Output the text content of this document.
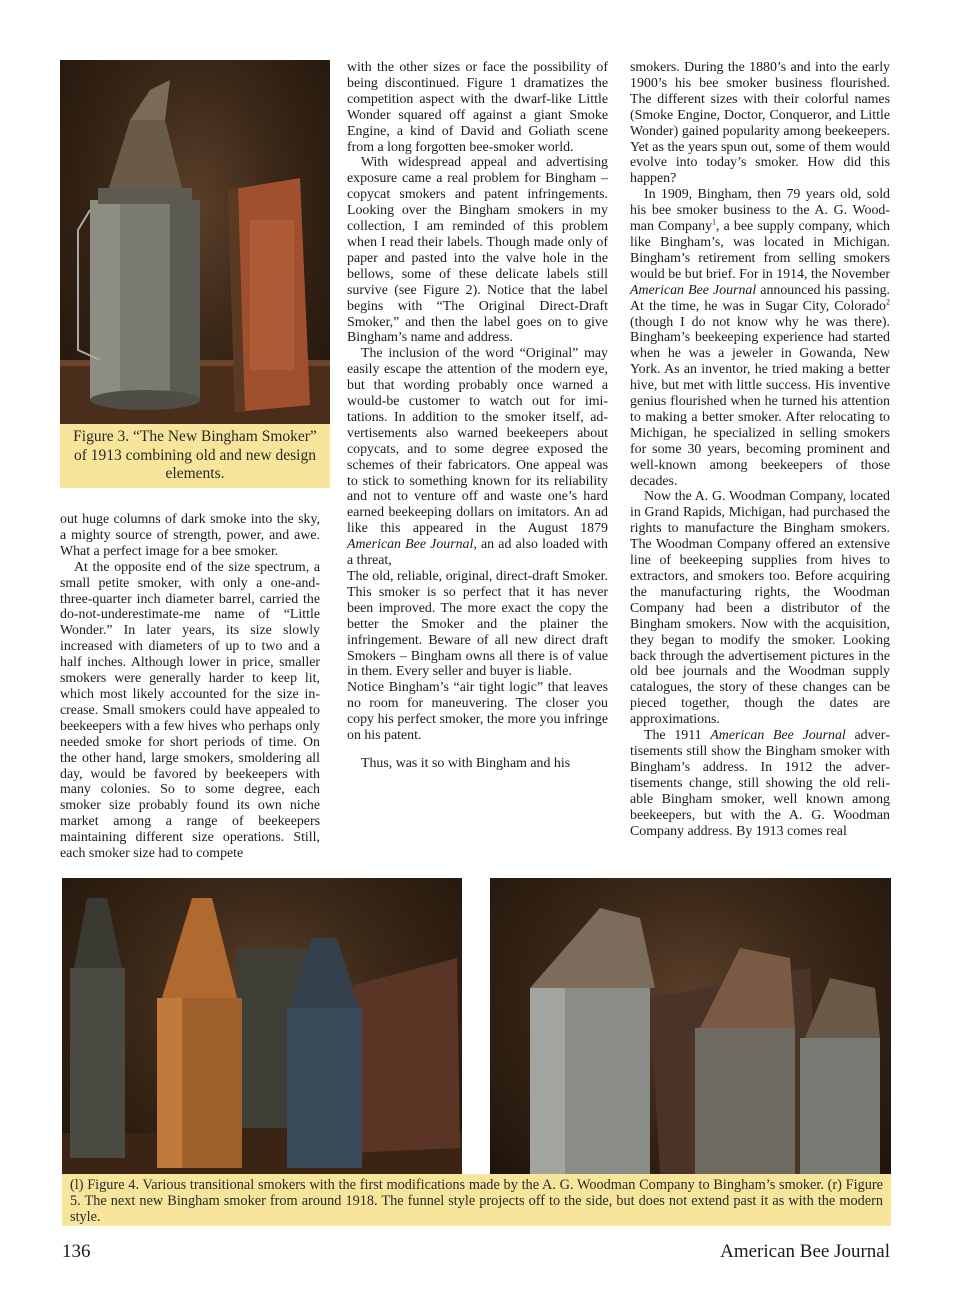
Figure 3. “The New Bingham Smoker” of 1913 combining old and new design elements.

out huge columns of dark smoke into the sky, a mighty source of strength, power, and awe. What a perfect image for a bee smoker.

At the opposite end of the size spectrum, a small petite smoker, with only a one-and-three-quarter inch diameter barrel, carried the do-not-underestimate-me name of “Little Wonder.” In later years, its size slowly increased with diameters of up to two and a half inches. Although lower in price, smaller smokers were generally harder to keep lit, which most likely accounted for the size increase. Small smokers could have appealed to beekeepers with a few hives who perhaps only needed smoke for short periods of time. On the other hand, large smokers, smoldering all day, would be favored by beekeepers with many colonies. So to some degree, each smoker size probably found its own niche market among a range of beekeepers maintaining different size operations. Still, each smoker size had to compete

with the other sizes or face the possibility of being discontinued. Figure 1 dramatizes the competition aspect with the dwarf-like Little Wonder squared off against a giant Smoke Engine, a kind of David and Goliath scene from a long forgotten bee-smoker world.

With widespread appeal and advertising exposure came a real problem for Bingham – copycat smokers and patent infringements. Looking over the Bingham smokers in my collection, I am reminded of this problem when I read their labels. Though made only of paper and pasted into the valve hole in the bellows, some of these delicate labels still survive (see Figure 2). Notice that the label begins with “The Original Direct-Draft Smoker,” and then the label goes on to give Bingham’s name and address.

The inclusion of the word “Original” may easily escape the attention of the modern eye, but that wording probably once warned a would-be customer to watch out for imitations. In addition to the smoker itself, advertisements also warned beekeepers about copycats, and to some degree exposed the schemes of their fabricators. One appeal was to stick to something known for its reliability and not to venture off and waste one’s hard earned beekeeping dollars on imitators. An ad like this appeared in the August 1879 American Bee Journal, an ad also loaded with a threat,

The old, reliable, original, direct-draft Smoker. This smoker is so perfect that it has never been improved. The more exact the copy the better the Smoker and the plainer the infringement. Beware of all new direct draft Smokers – Bingham owns all there is of value in them. Every seller and buyer is liable.

Notice Bingham’s “air tight logic” that leaves no room for maneuvering. The closer you copy his perfect smoker, the more you infringe on his patent.

Thus, was it so with Bingham and his

smokers. During the 1880’s and into the early 1900’s his bee smoker business flourished. The different sizes with their colorful names (Smoke Engine, Doctor, Conqueror, and Little Wonder) gained popularity among beekeepers. Yet as the years spun out, some of them would evolve into today’s smoker. How did this happen?

In 1909, Bingham, then 79 years old, sold his bee smoker business to the A. G. Woodman Company$^1$, a bee supply company, which like Bingham’s, was located in Michigan. Bingham’s retirement from selling smokers would be but brief. For in 1914, the November American Bee Journal announced his passing. At the time, he was in Sugar City, Colorado$^2$ (though I do not know why he was there). Bingham’s beekeeping experience had started when he was a jeweler in Gowanda, New York. As an inventor, he tried making a better hive, but met with little success. His inventive genius flourished when he turned his attention to making a better smoker. After relocating to Michigan, he specialized in selling smokers for some 30 years, becoming prominent and well-known among beekeepers of those decades.

Now the A. G. Woodman Company, located in Grand Rapids, Michigan, had purchased the rights to manufacture the Bingham smokers. The Woodman Company offered an extensive line of beekeeping supplies from hives to extractors, and smokers too. Before acquiring the manufacturing rights, the Woodman Company had been a distributor of the Bingham smokers. Now with the acquisition, they began to modify the smoker. Looking back through the advertisement pictures in the old bee journals and the Woodman supply catalogues, the story of these changes can be pieced together, though the dates are approximations.

The 1911 American Bee Journal advertisements still show the Bingham smoker with Bingham’s address. In 1912 the advertisements change, still showing the old reliable Bingham smoker, well known among beekeepers, but with the A. G. Woodman Company address. By 1913 comes real

(l) Figure 4. Various transitional smokers with the first modifications made by the A. G. Woodman Company to Bingham’s smoker. (r) Figure 5. The next new Bingham smoker from around 1918. The funnel style projects off to the side, but does not extend past it as with the modern style.
136	American Bee Journal
